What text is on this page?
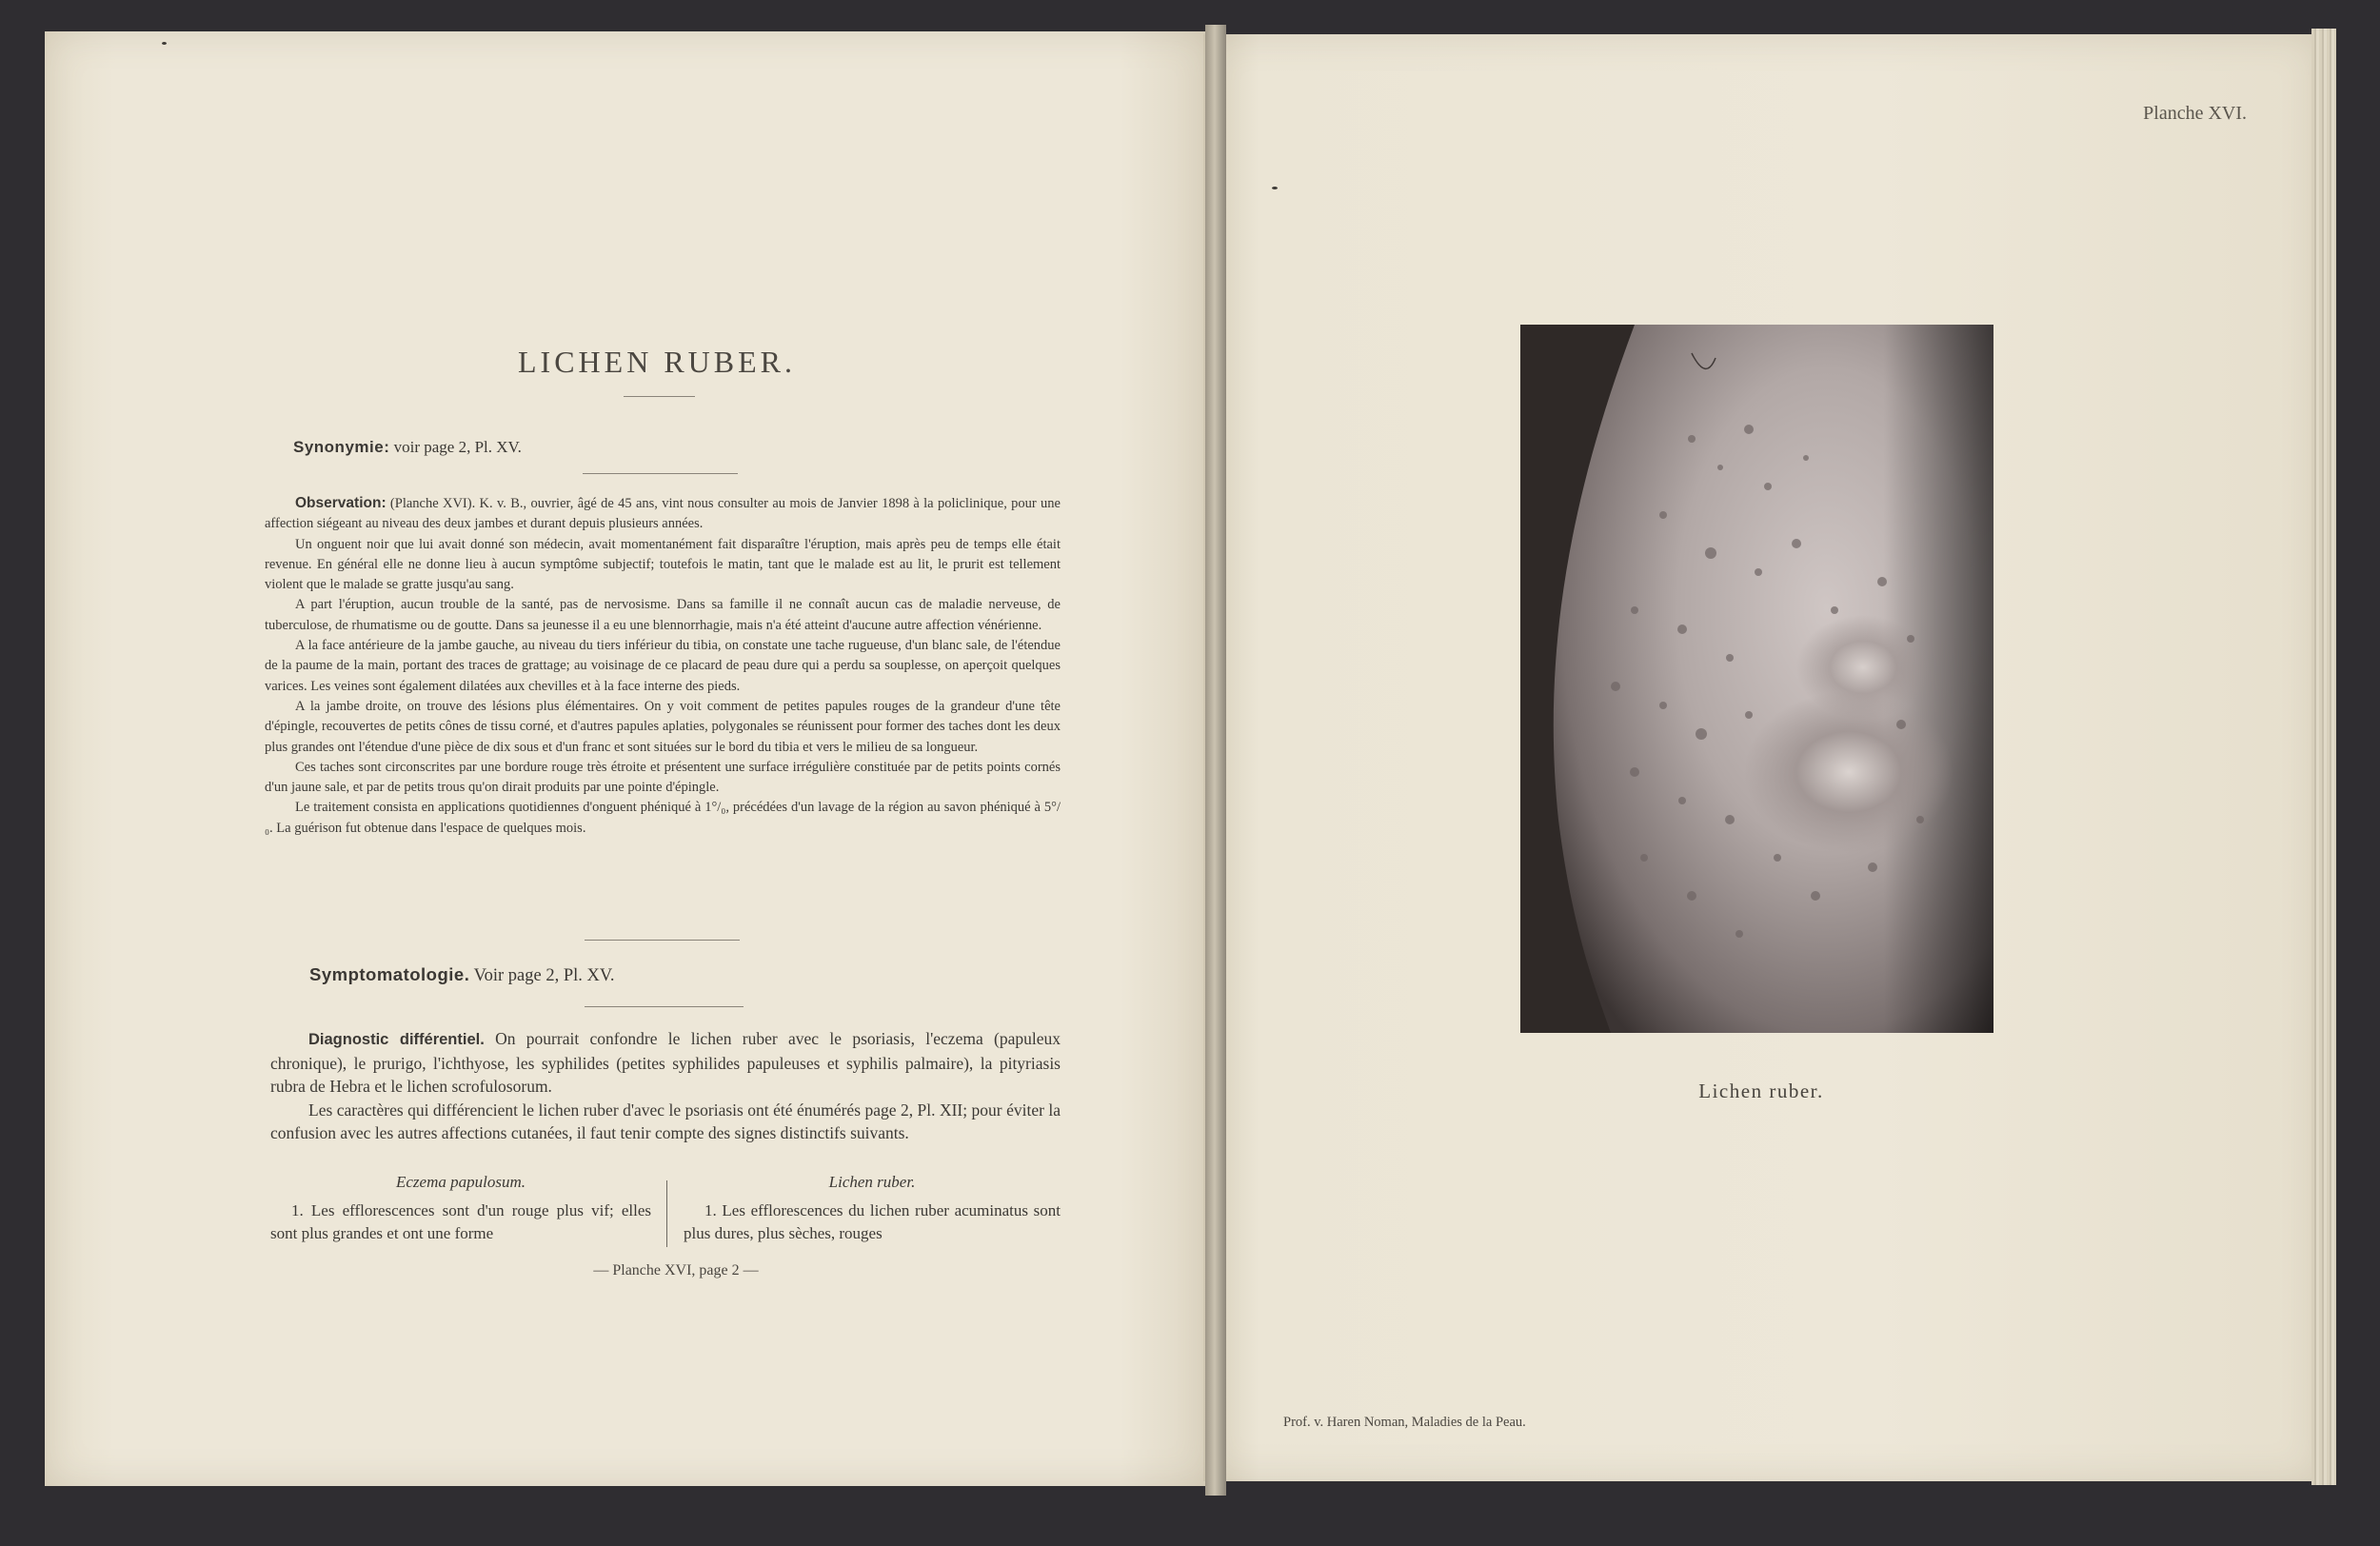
LICHEN RUBER.
Synonymie: voir page 2, Pl. XV.

Observation: (Planche XVI). K. v. B., ouvrier, âgé de 45 ans, vint nous consulter au mois de Janvier 1898 à la policlinique, pour une affection siégeant au niveau des deux jambes et durant depuis plusieurs années.

Un onguent noir que lui avait donné son médecin, avait momentanément fait disparaître l'éruption, mais après peu de temps elle était revenue. En général elle ne donne lieu à aucun symptôme subjectif; toutefois le matin, tant que le malade est au lit, le prurit est tellement violent que le malade se gratte jusqu'au sang.

A part l'éruption, aucun trouble de la santé, pas de nervosisme. Dans sa famille il ne connaît aucun cas de maladie nerveuse, de tuberculose, de rhumatisme ou de goutte. Dans sa jeunesse il a eu une blennorrhagie, mais n'a été atteint d'aucune autre affection vénérienne.

A la face antérieure de la jambe gauche, au niveau du tiers inférieur du tibia, on constate une tache rugueuse, d'un blanc sale, de l'étendue de la paume de la main, portant des traces de grattage; au voisinage de ce placard de peau dure qui a perdu sa souplesse, on aperçoit quelques varices. Les veines sont également dilatées aux chevilles et à la face interne des pieds.

A la jambe droite, on trouve des lésions plus élémentaires. On y voit comment de petites papules rouges de la grandeur d'une tête d'épingle, recouvertes de petits cônes de tissu corné, et d'autres papules aplaties, polygonales se réunissent pour former des taches dont les deux plus grandes ont l'étendue d'une pièce de dix sous et d'un franc et sont situées sur le bord du tibia et vers le milieu de sa longueur.

Ces taches sont circonscrites par une bordure rouge très étroite et présentent une surface irrégulière constituée par de petits points cornés d'un jaune sale, et par de petits trous qu'on dirait produits par une pointe d'épingle.

Le traitement consista en applications quotidiennes d'onguent phéniqué à 1°/₀, précédées d'un lavage de la région au savon phéniqué à 5°/₀. La guérison fut obtenue dans l'espace de quelques mois.

Symptomatologie. Voir page 2, Pl. XV.

Diagnostic différentiel. On pourrait confondre le lichen ruber avec le psoriasis, l'eczema (papuleux chronique), le prurigo, l'ichthyose, les syphilides (petites syphilides papuleuses et syphilis palmaire), la pityriasis rubra de Hebra et le lichen scrofulosorum.

Les caractères qui différencient le lichen ruber d'avec le psoriasis ont été énumérés page 2, Pl. XII; pour éviter la confusion avec les autres affections cutanées, il faut tenir compte des signes distinctifs suivants.

Eczema papulosum.
1. Les efflorescences sont d'un rouge plus vif; elles sont plus grandes et ont une forme
Lichen ruber.
1. Les efflorescences du lichen ruber acuminatus sont plus dures, plus sèches, rouges
— Planche XVI, page 2 —
Planche XVI.
Lichen ruber.
Prof. v. Haren Noman, Maladies de la Peau.
